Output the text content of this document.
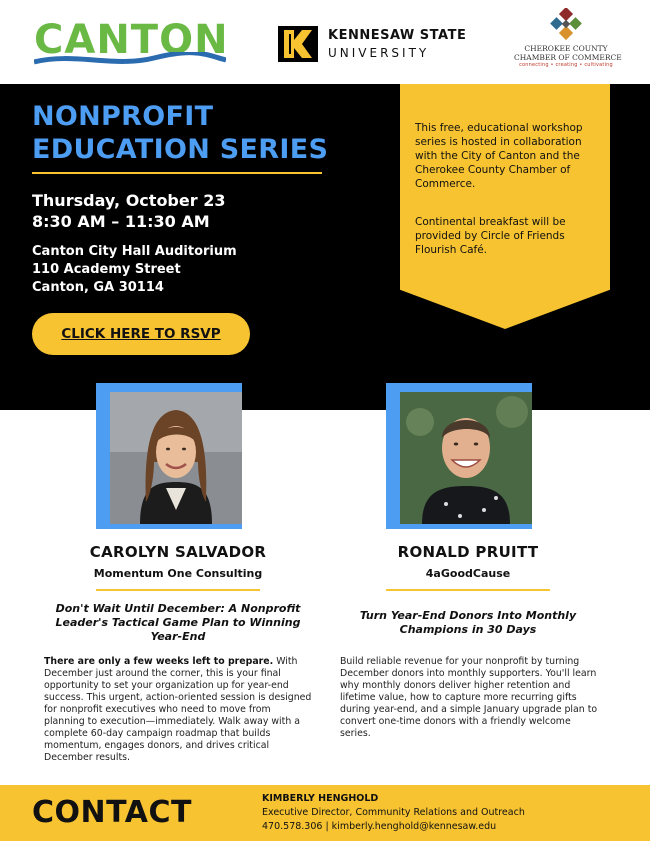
CANTON	KENNESAW STATE
UNIVERSITY	CHEROKEE COUNTY
CHAMBER OF COMMERCE
connecting • creating • cultivating
NONPROFIT EDUCATION SERIES
Thursday, October 23
8:30 AM – 11:30 AM
Canton City Hall Auditorium
110 Academy Street
Canton, GA 30114
CLICK HERE TO RSVP
This free, educational workshop series is hosted in collaboration with the City of Canton and the Cherokee County Chamber of Commerce.
Continental breakfast will be provided by Circle of Friends Flourish Café.
CAROLYN SALVADOR
Momentum One Consulting
Don't Wait Until December: A Nonprofit Leader's Tactical Game Plan to Winning Year-End
There are only a few weeks left to prepare. With December just around the corner, this is your final opportunity to set your organization up for year-end success. This urgent, action-oriented session is designed for nonprofit executives who need to move from planning to execution—immediately. Walk away with a complete 60-day campaign roadmap that builds momentum, engages donors, and drives critical December results.
RONALD PRUITT
4aGoodCause
Turn Year-End Donors Into Monthly Champions in 30 Days
Build reliable revenue for your nonprofit by turning December donors into monthly supporters. You'll learn why monthly donors deliver higher retention and lifetime value, how to capture more recurring gifts during year-end, and a simple January upgrade plan to convert one-time donors with a friendly welcome series.
CONTACT	KIMBERLY HENGHOLD
Executive Director, Community Relations and Outreach
470.578.306 | kimberly.henghold@kennesaw.edu
